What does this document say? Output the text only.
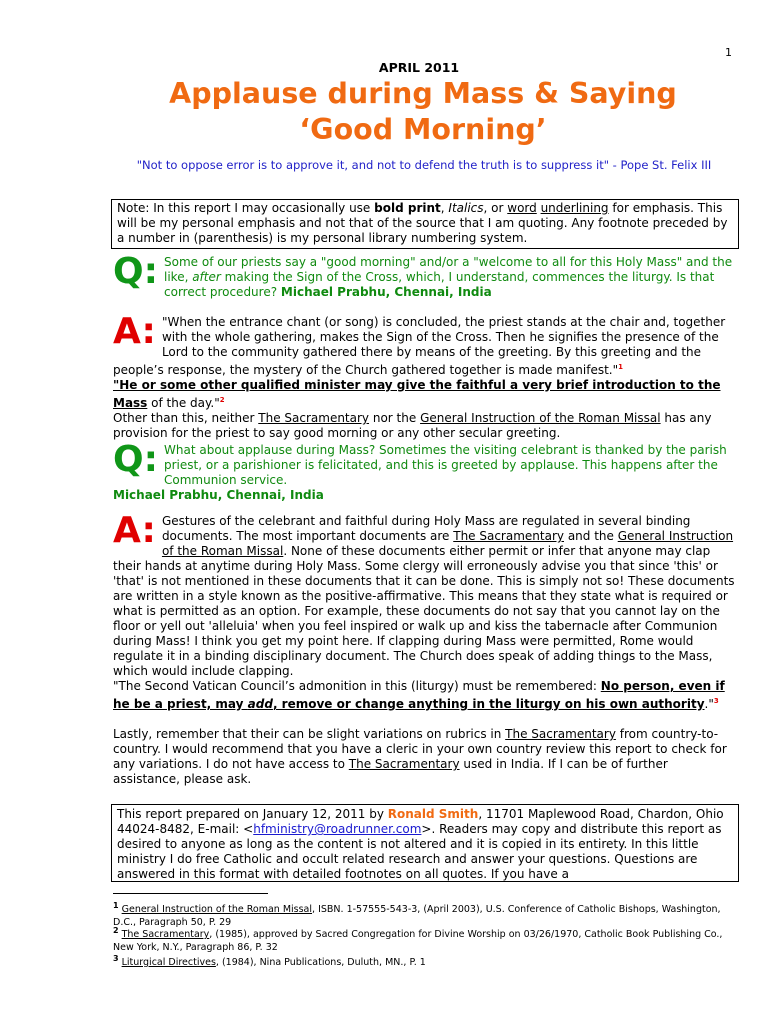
1
APRIL 2011
Applause during Mass & Saying
‘Good Morning’
"Not to oppose error is to approve it, and not to defend the truth is to suppress it" - Pope St. Felix III
Note: In this report I may occasionally use bold print, Italics, or word underlining for emphasis. This will be my personal emphasis and not that of the source that I am quoting. Any footnote preceded by a number in (parenthesis) is my personal library numbering system.
Q: Some of our priests say a "good morning" and/or a "welcome to all for this Holy Mass" and the like, after making the Sign of the Cross, which, I understand, commences the liturgy. Is that correct procedure? Michael Prabhu, Chennai, India
A: "When the entrance chant (or song) is concluded, the priest stands at the chair and, together with the whole gathering, makes the Sign of the Cross. Then he signifies the presence of the Lord to the community gathered there by means of the greeting. By this greeting and the people’s response, the mystery of the Church gathered together is made manifest."$^1$
"He or some other qualified minister may give the faithful a very brief introduction to the Mass of the day."$^2$
Other than this, neither The Sacramentary nor the General Instruction of the Roman Missal has any provision for the priest to say good morning or any other secular greeting.
Q: What about applause during Mass? Sometimes the visiting celebrant is thanked by the parish priest, or a parishioner is felicitated, and this is greeted by applause. This happens after the Communion service.
Michael Prabhu, Chennai, India
A: Gestures of the celebrant and faithful during Holy Mass are regulated in several binding documents. The most important documents are The Sacramentary and the General Instruction of the Roman Missal. None of these documents either permit or infer that anyone may clap their hands at anytime during Holy Mass. Some clergy will erroneously advise you that since 'this' or 'that' is not mentioned in these documents that it can be done. This is simply not so! These documents are written in a style known as the positive-affirmative. This means that they state what is required or what is permitted as an option. For example, these documents do not say that you cannot lay on the floor or yell out 'alleluia' when you feel inspired or walk up and kiss the tabernacle after Communion during Mass! I think you get my point here. If clapping during Mass were permitted, Rome would regulate it in a binding disciplinary document. The Church does speak of adding things to the Mass, which would include clapping.
"The Second Vatican Council’s admonition in this (liturgy) must be remembered: No person, even if he be a priest, may add, remove or change anything in the liturgy on his own authority."$^3$

Lastly, remember that their can be slight variations on rubrics in The Sacramentary from country-to-country. I would recommend that you have a cleric in your own country review this report to check for any variations. I do not have access to The Sacramentary used in India. If I can be of further assistance, please ask.
This report prepared on January 12, 2011 by Ronald Smith, 11701 Maplewood Road, Chardon, Ohio 44024-8482, E-mail: <hfministry@roadrunner.com>. Readers may copy and distribute this report as desired to anyone as long as the content is not altered and it is copied in its entirety. In this little ministry I do free Catholic and occult related research and answer your questions. Questions are answered in this format with detailed footnotes on all quotes. If you have a
$^1$ General Instruction of the Roman Missal, ISBN. 1-57555-543-3, (April 2003), U.S. Conference of Catholic Bishops, Washington, D.C., Paragraph 50, P. 29
$^2$ The Sacramentary, (1985), approved by Sacred Congregation for Divine Worship on 03/26/1970, Catholic Book Publishing Co., New York, N.Y., Paragraph 86, P. 32
$^3$ Liturgical Directives, (1984), Nina Publications, Duluth, MN., P. 1
